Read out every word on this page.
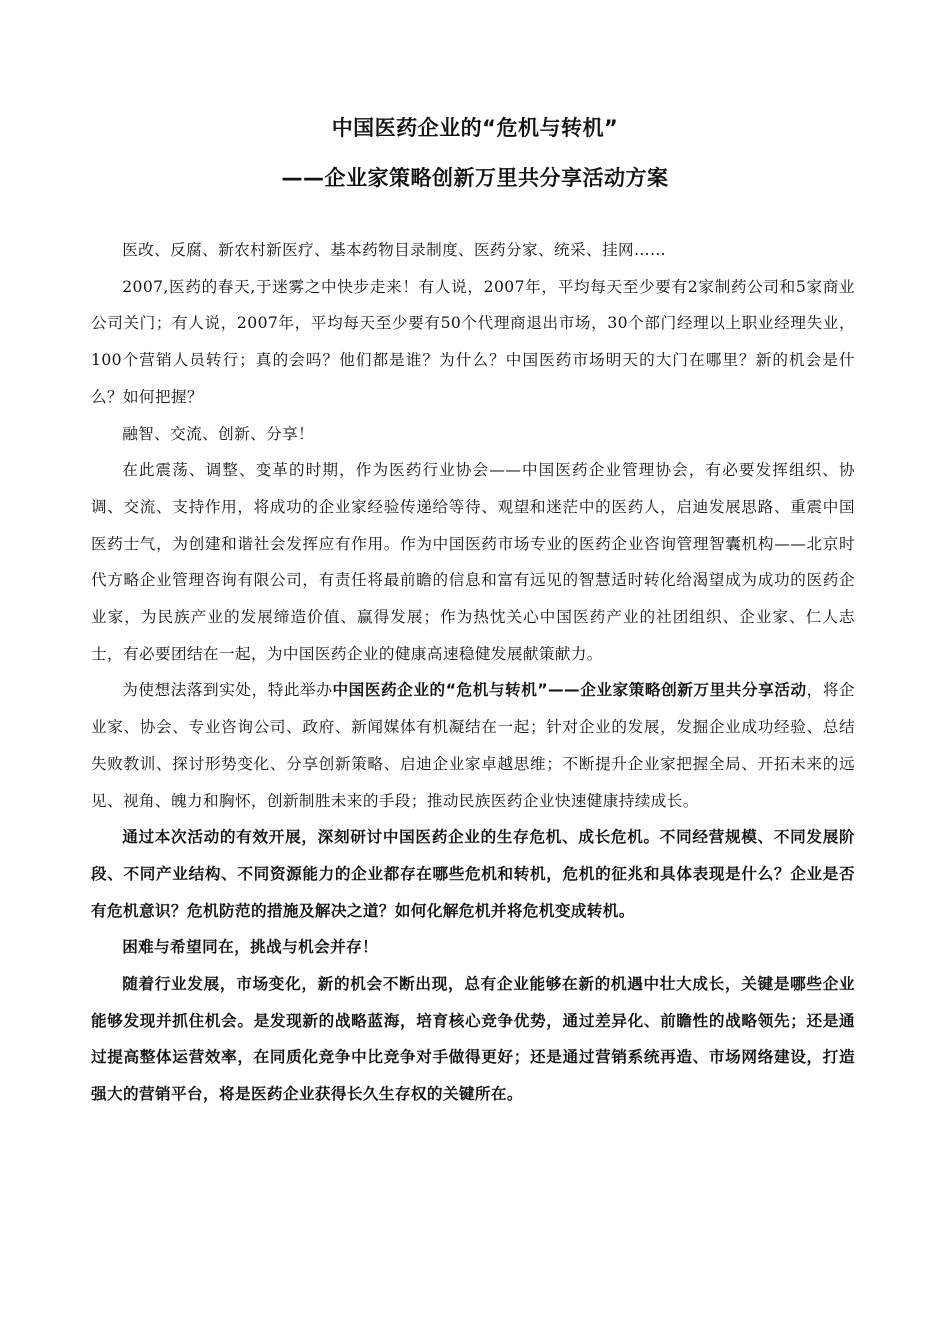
中国医药企业的“危机与转机”
——企业家策略创新万里共分享活动方案

医改、反腐、新农村新医疗、基本药物目录制度、医药分家、统采、挂网……

2007,医药的春天,于迷雾之中快步走来！有人说，2007年，平均每天至少要有2家制药公司和5家商业公司关门；有人说，2007年，平均每天至少要有50个代理商退出市场，30个部门经理以上职业经理失业，100个营销人员转行；真的会吗？他们都是谁？为什么？中国医药市场明天的大门在哪里？新的机会是什么？如何把握？

融智、交流、创新、分享！

在此震荡、调整、变革的时期，作为医药行业协会——中国医药企业管理协会，有必要发挥组织、协调、交流、支持作用，将成功的企业家经验传递给等待、观望和迷茫中的医药人，启迪发展思路、重震中国医药士气，为创建和谐社会发挥应有作用。作为中国医药市场专业的医药企业咨询管理智囊机构——北京时代方略企业管理咨询有限公司，有责任将最前瞻的信息和富有远见的智慧适时转化给渴望成为成功的医药企业家，为民族产业的发展缔造价值、赢得发展；作为热忱关心中国医药产业的社团组织、企业家、仁人志士，有必要团结在一起，为中国医药企业的健康高速稳健发展献策献力。

为使想法落到实处，特此举办中国医药企业的“危机与转机”——企业家策略创新万里共分享活动，将企业家、协会、专业咨询公司、政府、新闻媒体有机凝结在一起；针对企业的发展，发掘企业成功经验、总结失败教训、探讨形势变化、分享创新策略、启迪企业家卓越思维；不断提升企业家把握全局、开拓未来的远见、视角、魄力和胸怀，创新制胜未来的手段；推动民族医药企业快速健康持续成长。

通过本次活动的有效开展，深刻研讨中国医药企业的生存危机、成长危机。不同经营规模、不同发展阶段、不同产业结构、不同资源能力的企业都存在哪些危机和转机，危机的征兆和具体表现是什么？企业是否有危机意识？危机防范的措施及解决之道？如何化解危机并将危机变成转机。

困难与希望同在，挑战与机会并存！

随着行业发展，市场变化，新的机会不断出现，总有企业能够在新的机遇中壮大成长，关键是哪些企业能够发现并抓住机会。是发现新的战略蓝海，培育核心竞争优势，通过差异化、前瞻性的战略领先；还是通过提高整体运营效率，在同质化竞争中比竞争对手做得更好；还是通过营销系统再造、市场网络建设，打造强大的营销平台，将是医药企业获得长久生存权的关键所在。
